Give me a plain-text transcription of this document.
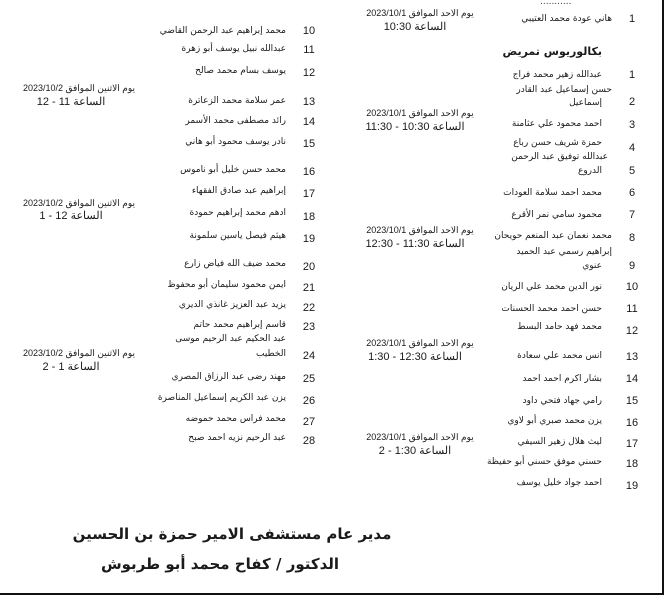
...........
1
هاني عودة محمد العتيبي
بكالوريوس تمريض
1
عبدالله زهير محمد فراج
2
حسن إسماعيل عبد القادر
إسماعيل
3
احمد محمود علي عثامنة
4
حمزة شريف حسن رباع
5
عبدالله توفيق عبد الرحمن
الدروع
6
محمد احمد سلامة العودات
7
محمود سامي نمر الأقرع
8
محمد نعمان عبد المنعم حويحان
9
إبراهيم رسمي عبد الحميد
عنوي
10
نور الدين محمد علي الريان
11
حسن احمد محمد الحسنات
12
محمد فهد حامد البسط
13
انس محمد علي سعادة
14
بشار اكرم احمد احمد
15
رامي جهاد فتحي داود
16
يزن محمد صبري أبو لاوي
17
ليث هلال زهير السيفي
18
حسني موفق حسني أبو حفيظة
19
احمد جواد خليل يوسف
يوم الاحد الموافق 2023/10/1
الساعة 10:30
يوم الاحد الموافق 2023/10/1
الساعة 10:30 - 11:30
يوم الاحد الموافق 2023/10/1
الساعة 11:30 - 12:30
يوم الاحد الموافق 2023/10/1
الساعة 12:30 - 1:30
يوم الاحد الموافق 2023/10/1
الساعة 1:30 - 2
10
محمد إبراهيم عبد الرحمن القاضي
11
عبدالله نبيل يوسف أبو زهرة
12
يوسف بسام محمد صالح
13
عمر سلامة محمد الزعاترة
14
رائد مصطفى محمد الأسمر
15
نادر يوسف محمود أبو هاني
16
محمد حسن خليل أبو ناموس
17
إبراهيم عبد صادق الفقهاء
18
ادهم محمد إبراهيم حمودة
19
هيثم فيصل ياسين سلمونة
20
محمد ضيف الله فياض زارع
21
ايمن محمود سليمان أبو محفوظ
22
يزيد عبد العزيز غانذي الديري
23
قاسم إبراهيم محمد حاتم
24
عبد الحكيم عبد الرحيم موسى
الخطيب
25
مهند رضى عبد الرزاق المصري
26
يزن عبد الكريم إسماعيل المناصرة
27
محمد فراس محمد حموضه
28
عبد الرحيم نزيه احمد صبح
يوم الاثنين الموافق 2023/10/2
الساعة 11 - 12
يوم الاثنين الموافق 2023/10/2
الساعة 12 - 1
يوم الاثنين الموافق 2023/10/2
الساعة 1 - 2
مدير عام مستشفى الامير حمزة بن الحسين
الدكتور / كفاح محمد أبو طربوش
